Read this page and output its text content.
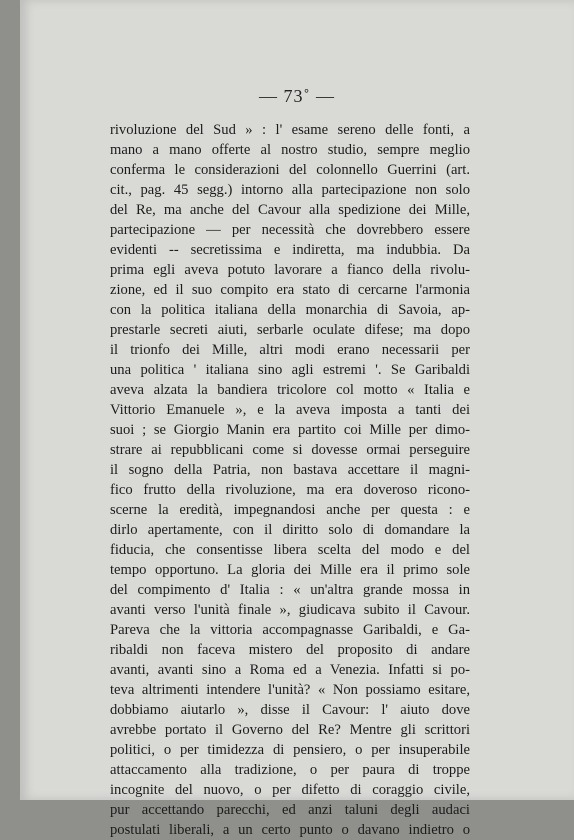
— 73˚ —
rivoluzione del Sud » : l' esame sereno delle fonti, a
mano a mano offerte al nostro studio, sempre meglio
conferma le considerazioni del colonnello Guerrini (art.
cit., pag. 45 segg.) intorno alla partecipazione non solo
del Re, ma anche del Cavour alla spedizione dei Mille,
partecipazione — per necessità che dovrebbero essere
evidenti -- secretissima e indiretta, ma indubbia. Da
prima egli aveva potuto lavorare a fianco della rivolu-
zione, ed il suo compito era stato di cercarne l'armonia
con la politica italiana della monarchia di Savoia, ap-
prestarle secreti aiuti, serbarle oculate difese; ma dopo
il trionfo dei Mille, altri modi erano necessarii per
una politica ' italiana sino agli estremi '. Se Garibaldi
aveva alzata la bandiera tricolore col motto « Italia e
Vittorio Emanuele », e la aveva imposta a tanti dei
suoi ; se Giorgio Manin era partito coi Mille per dimo-
strare ai repubblicani come si dovesse ormai perseguire
il sogno della Patria, non bastava accettare il magni-
fico frutto della rivoluzione, ma era doveroso ricono-
scerne la eredità, impegnandosi anche per questa : e
dirlo apertamente, con il diritto solo di domandare la
fiducia, che consentisse libera scelta del modo e del
tempo opportuno. La gloria dei Mille era il primo sole
del compimento d' Italia : « un'altra grande mossa in
avanti verso l'unità finale », giudicava subito il Cavour.
Pareva che la vittoria accompagnasse Garibaldi, e Ga-
ribaldi non faceva mistero del proposito di andare
avanti, avanti sino a Roma ed a Venezia. Infatti si po-
teva altrimenti intendere l'unità? « Non possiamo esitare,
dobbiamo aiutarlo », disse il Cavour: l' aiuto dove
avrebbe portato il Governo del Re? Mentre gli scrittori
politici, o per timidezza di pensiero, o per insuperabile
attaccamento alla tradizione, o per paura di troppe
incognite del nuovo, o per difetto di coraggio civile,
pur accettando parecchi, ed anzi taluni degli audaci
postulati liberali, a un certo punto o davano indietro o
